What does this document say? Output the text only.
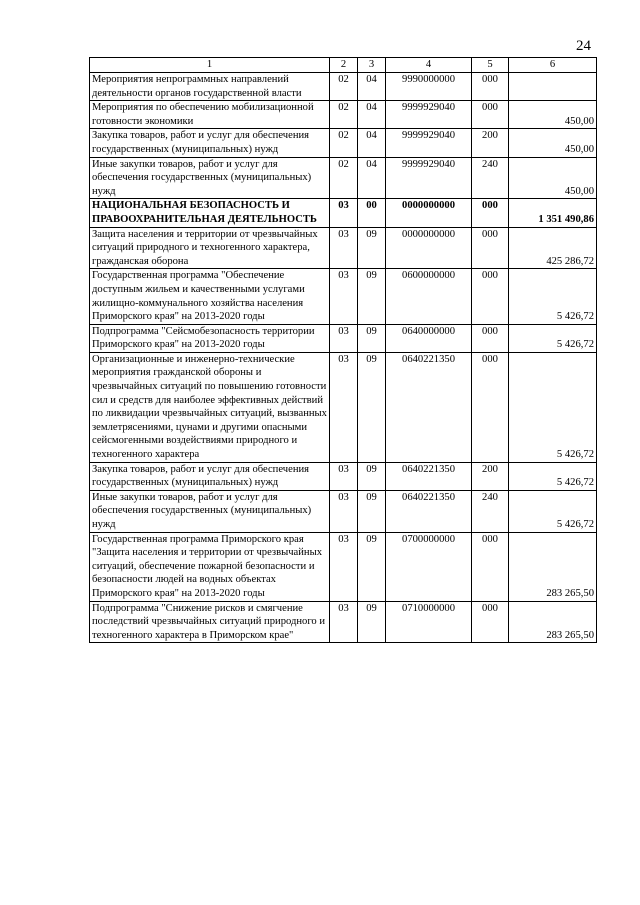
24
1	2	3	4	5	6
Мероприятия непрограммных направлений деятельности органов государственной власти	02	04	9990000000	000	
Мероприятия по обеспечению мобилизационной готовности экономики	02	04	9999929040	000	450,00
Закупка товаров, работ и услуг для обеспечения государственных (муниципальных) нужд	02	04	9999929040	200	450,00
Иные закупки товаров, работ и услуг для обеспечения государственных (муниципальных) нужд	02	04	9999929040	240	450,00
НАЦИОНАЛЬНАЯ БЕЗОПАСНОСТЬ И ПРАВООХРАНИТЕЛЬНАЯ ДЕЯТЕЛЬНОСТЬ	03	00	0000000000	000	1 351 490,86
Защита населения и территории от чрезвычайных ситуаций природного и техногенного характера, гражданская оборона	03	09	0000000000	000	425 286,72
Государственная программа "Обеспечение доступным жильем и качественными услугами жилищно-коммунального хозяйства населения Приморского края" на 2013-2020 годы	03	09	0600000000	000	5 426,72
Подпрограмма "Сейсмобезопасность территории Приморского края" на 2013-2020 годы	03	09	0640000000	000	5 426,72
Организационные и инженерно-технические мероприятия гражданской обороны и чрезвычайных ситуаций по повышению готовности сил и средств для наиболее эффективных действий по ликвидации чрезвычайных ситуаций, вызванных землетрясениями, цунами и другими опасными сейсмогенными воздействиями природного и техногенного характера	03	09	0640221350	000	5 426,72
Закупка товаров, работ и услуг для обеспечения государственных (муниципальных) нужд	03	09	0640221350	200	5 426,72
Иные закупки товаров, работ и услуг для обеспечения государственных (муниципальных) нужд	03	09	0640221350	240	5 426,72
Государственная программа Приморского края "Защита населения и территории от чрезвычайных ситуаций, обеспечение пожарной безопасности и безопасности людей на водных объектах Приморского края" на 2013-2020 годы	03	09	0700000000	000	283 265,50
Подпрограмма "Снижение рисков и смягчение последствий чрезвычайных ситуаций природного и техногенного характера в Приморском крае"	03	09	0710000000	000	283 265,50
